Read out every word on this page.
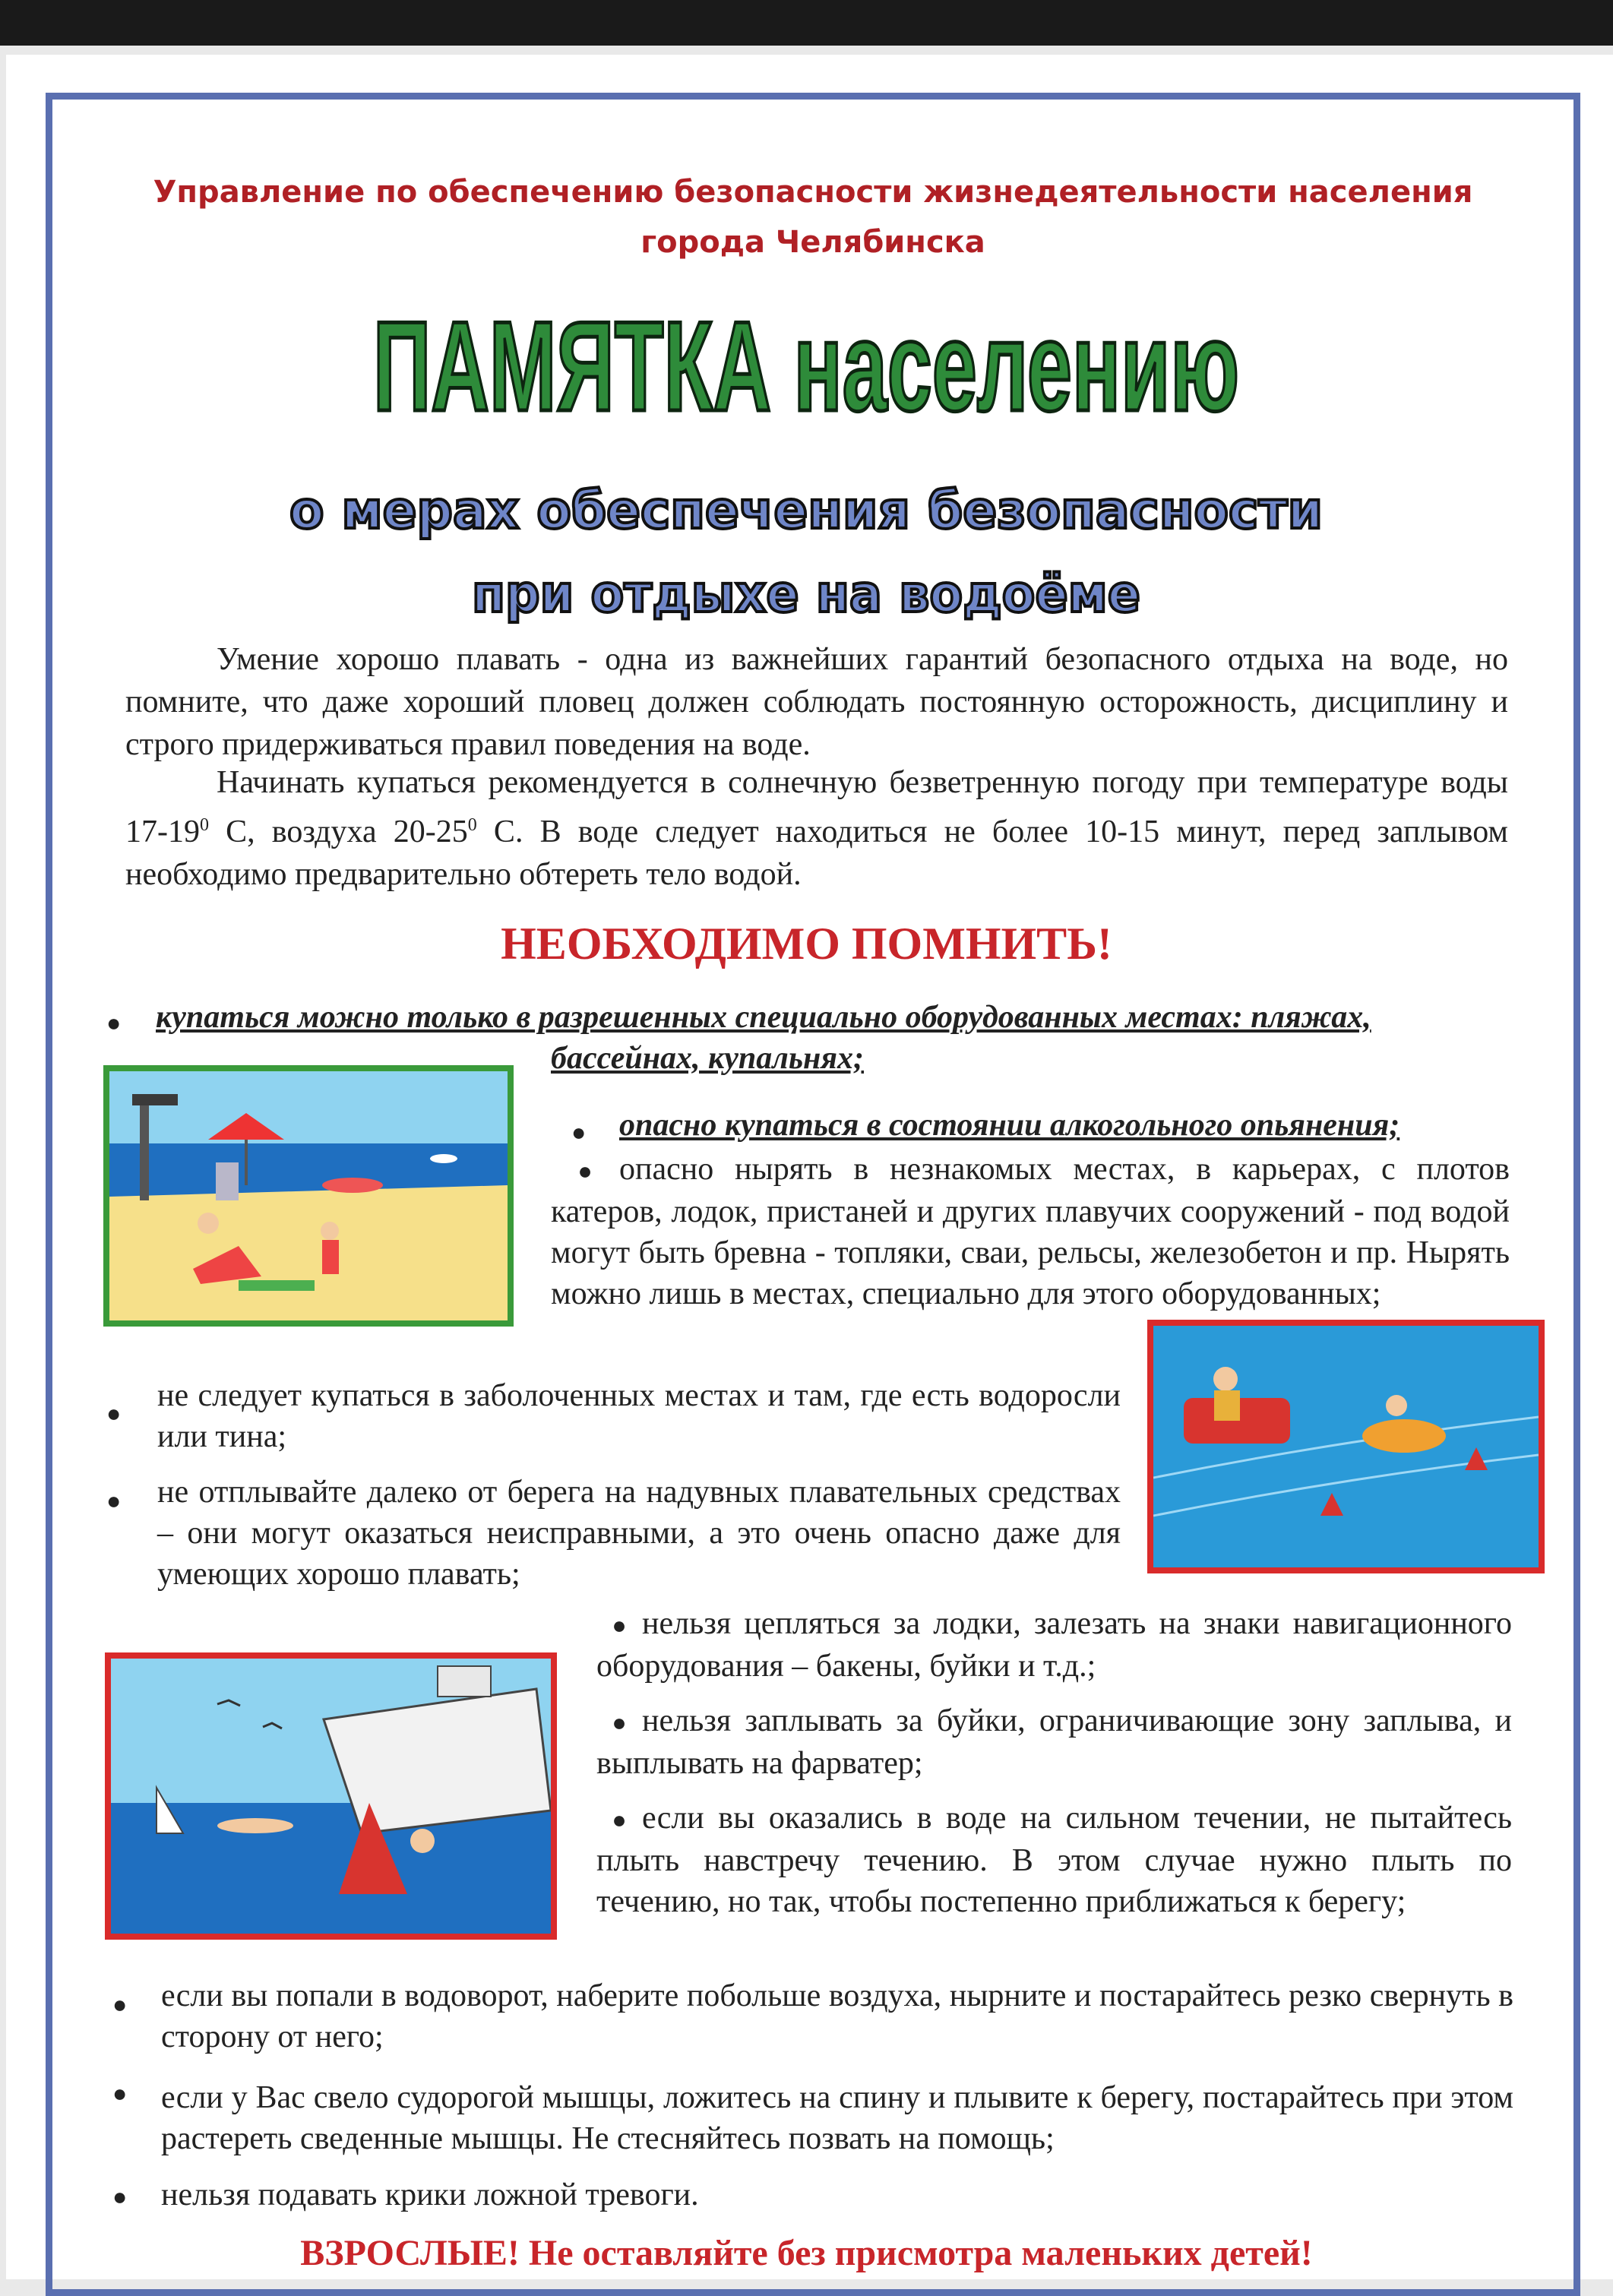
Управление по обеспечению безопасности жизнедеятельности населения
города Челябинска
ПАМЯТКА населению
о мерах обеспечения безопасности
при отдыхе на водоёме
Умение хорошо плавать - одна из важнейших гарантий безопасного отдыха на воде, но помните, что даже хороший пловец должен соблюдать постоянную осторожность, дисциплину и строго придерживаться правил поведения на воде.
Начинать купаться рекомендуется в солнечную безветренную погоду при температуре воды $17-19^0$ С, воздуха $20-25^0$ С. В воде следует находиться не более 10-15 минут, перед заплывом необходимо предварительно обтереть тело водой.
НЕОБХОДИМО ПОМНИТЬ!
● купаться можно только в разрешенных специально оборудованных местах: пляжах,
бассейнах, купальнях;
● опасно купаться в состоянии алкогольного опьянения;
● опасно нырять в незнакомых местах, в карьерах, с плотов катеров, лодок, пристаней и других плавучих сооружений - под водой могут быть бревна - топляки, сваи, рельсы, железобетон и пр. Нырять можно лишь в местах, специально для этого оборудованных;
● не следует купаться в заболоченных местах и там, где есть водоросли или тина;
● не отплывайте далеко от берега на надувных плавательных средствах – они могут оказаться неисправными, а это очень опасно даже для умеющих хорошо плавать;
● нельзя цепляться за лодки, залезать на знаки навигационного оборудования – бакены, буйки и т.д.;
● нельзя заплывать за буйки, ограничивающие зону заплыва, и выплывать на фарватер;
● если вы оказались в воде на сильном течении, не пытайтесь плыть навстречу течению. В этом случае нужно плыть по течению, но так, чтобы постепенно приближаться к берегу;
● если вы попали в водоворот, наберите побольше воздуха, нырните и постарайтесь резко свернуть в сторону от него;
● если у Вас свело судорогой мышцы, ложитесь на спину и плывите к берегу, постарайтесь при этом растереть сведенные мышцы. Не стесняйтесь позвать на помощь;
● нельзя подавать крики ложной тревоги.
ВЗРОСЛЫЕ! Не оставляйте без присмотра маленьких детей!
